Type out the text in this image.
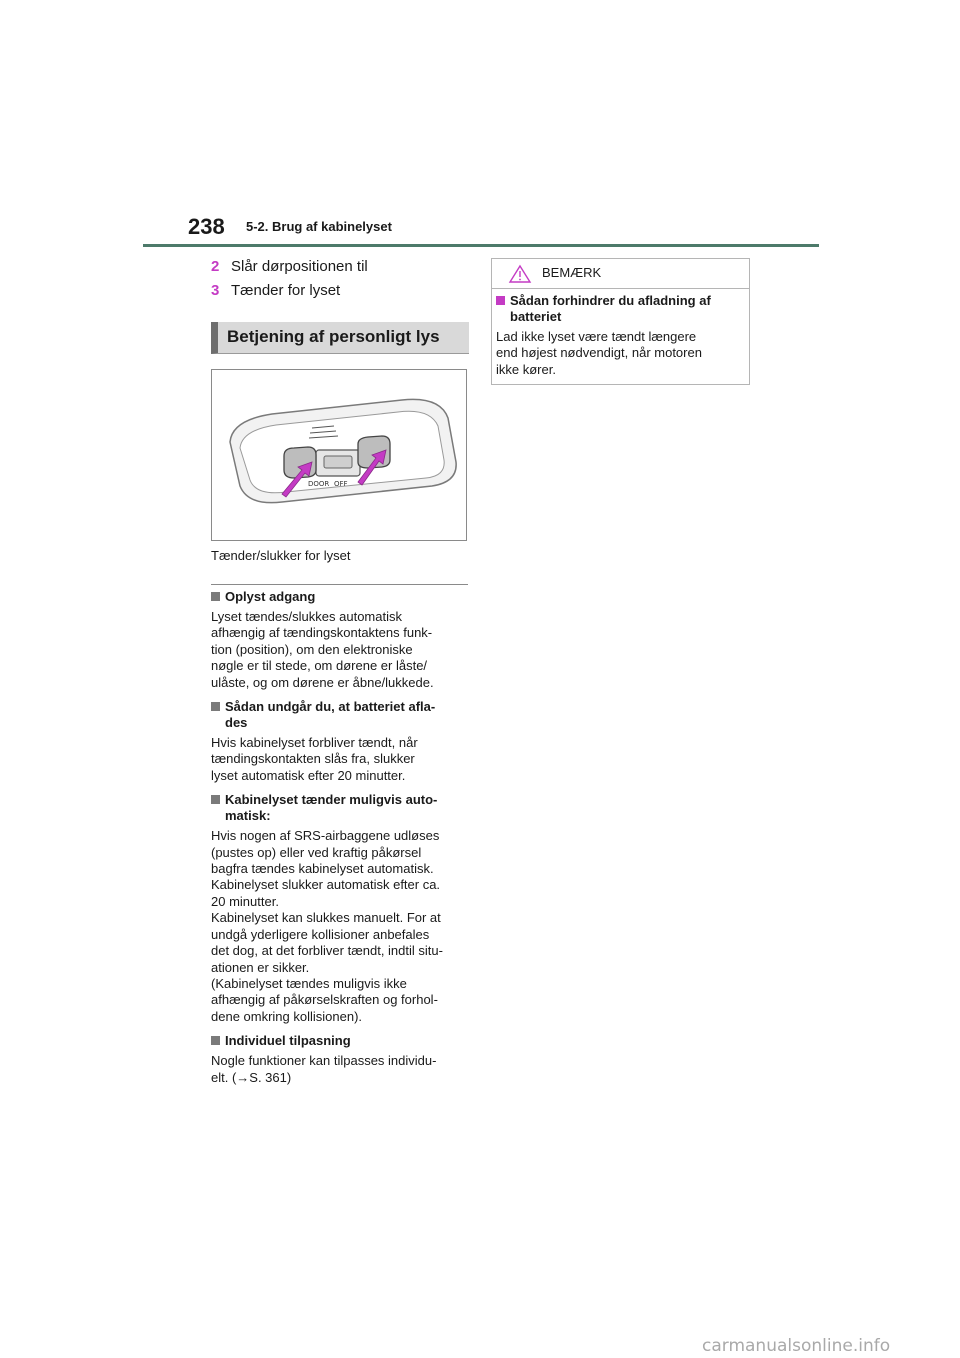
238 5-2. Brug af kabinelyset
2 Slår dørpositionen til
3 Tænder for lyset
Betjening af personligt lys
DOOR OFF
Tænder/slukker for lyset
Oplyst adgang
Lyset tændes/slukkes automatisk
afhængig af tændingskontaktens funk-
tion (position), om den elektroniske
nøgle er til stede, om dørene er låste/
ulåste, og om dørene er åbne/lukkede.
Sådan undgår du, at batteriet afla-
des
Hvis kabinelyset forbliver tændt, når
tændingskontakten slås fra, slukker
lyset automatisk efter 20 minutter.
Kabinelyset tænder muligvis auto-
matisk:
Hvis nogen af SRS-airbaggene udløses
(pustes op) eller ved kraftig påkørsel
bagfra tændes kabinelyset automatisk.
Kabinelyset slukker automatisk efter ca.
20 minutter.
Kabinelyset kan slukkes manuelt. For at
undgå yderligere kollisioner anbefales
det dog, at det forbliver tændt, indtil situ-
ationen er sikker.
(Kabinelyset tændes muligvis ikke
afhængig af påkørselskraften og forhol-
dene omkring kollisionen).
Individuel tilpasning
Nogle funktioner kan tilpasses individu-
elt. (→S. 361)
BEMÆRK
Sådan forhindrer du afladning af
batteriet
Lad ikke lyset være tændt længere
end højest nødvendigt, når motoren
ikke kører.
carmanualsonline.info
